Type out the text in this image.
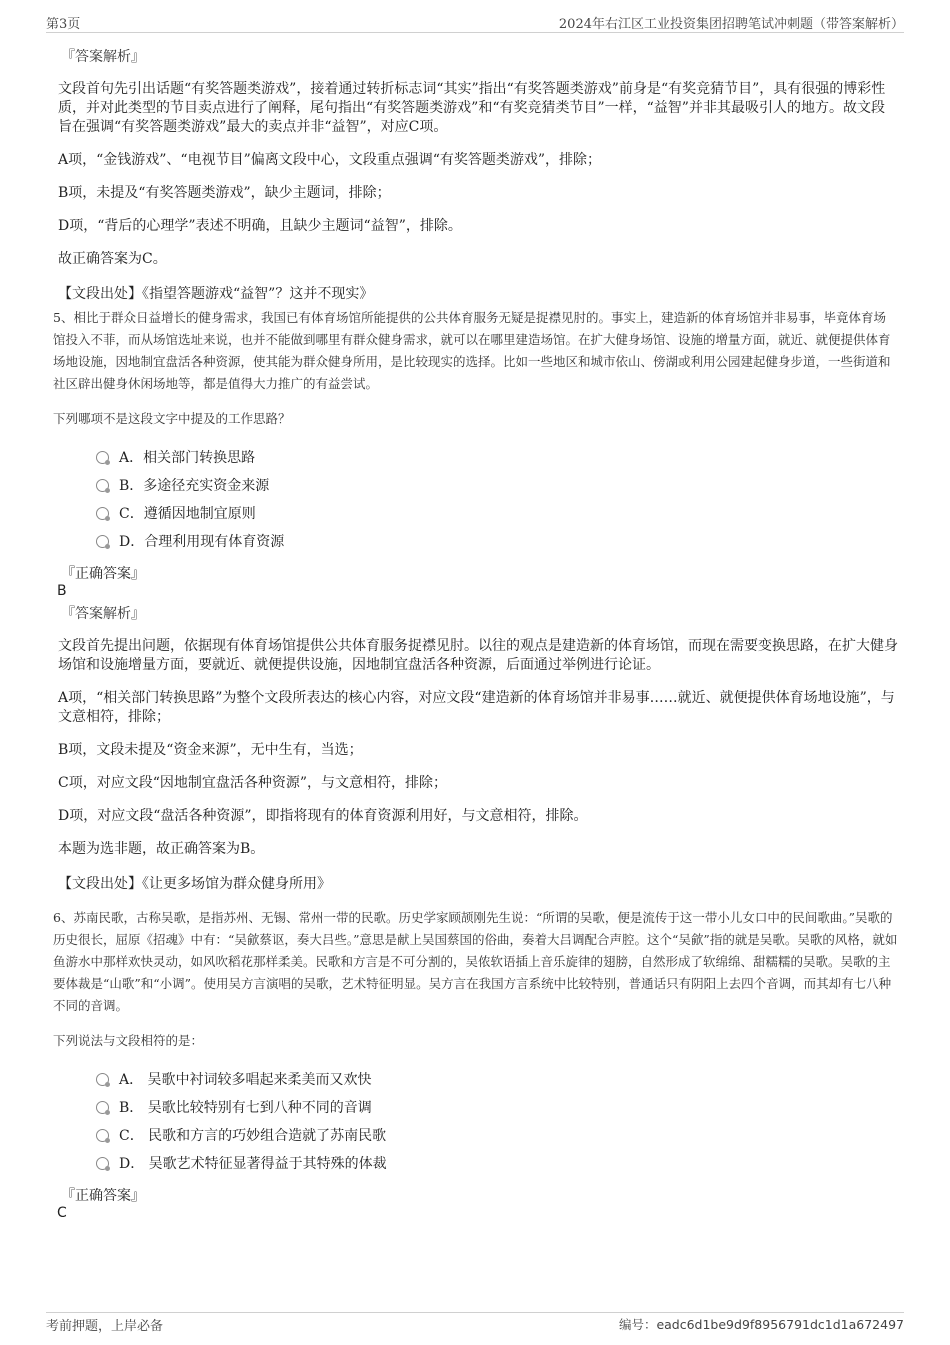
第3页	2024年右江区工业投资集团招聘笔试冲刺题（带答案解析）
『答案解析』

文段首句先引出话题“有奖答题类游戏”，接着通过转折标志词“其实”指出“有奖答题类游戏”前身是“有奖竞猜节目”，具有很强的博彩性质，并对此类型的节目卖点进行了阐释，尾句指出“有奖答题类游戏”和“有奖竞猜类节目”一样，“益智”并非其最吸引人的地方。故文段旨在强调“有奖答题类游戏”最大的卖点并非“益智”，对应C项。

A项，“金钱游戏”、“电视节目”偏离文段中心，文段重点强调“有奖答题类游戏”，排除；

B项，未提及“有奖答题类游戏”，缺少主题词，排除；

D项，“背后的心理学”表述不明确，且缺少主题词“益智”，排除。

故正确答案为C。

【文段出处】《指望答题游戏“益智”？这并不现实》
5、相比于群众日益增长的健身需求，我国已有体育场馆所能提供的公共体育服务无疑是捉襟见肘的。事实上，建造新的体育场馆并非易事，毕竟体育场馆投入不菲，而从场馆选址来说，也并不能做到哪里有群众健身需求，就可以在哪里建造场馆。在扩大健身场馆、设施的增量方面，就近、就便提供体育场地设施，因地制宜盘活各种资源，使其能为群众健身所用，是比较现实的选择。比如一些地区和城市依山、傍湖或利用公园建起健身步道，一些街道和社区辟出健身休闲场地等，都是值得大力推广的有益尝试。
下列哪项不是这段文字中提及的工作思路？
A．相关部门转换思路
B．多途径充实资金来源
C．遵循因地制宜原则
D．合理利用现有体育资源
『正确答案』
B
『答案解析』

文段首先提出问题，依据现有体育场馆提供公共体育服务捉襟见肘。以往的观点是建造新的体育场馆，而现在需要变换思路，在扩大健身场馆和设施增量方面，要就近、就便提供设施，因地制宜盘活各种资源，后面通过举例进行论证。

A项，“相关部门转换思路”为整个文段所表达的核心内容，对应文段“建造新的体育场馆并非易事……就近、就便提供体育场地设施”，与文意相符，排除；

B项，文段未提及“资金来源”，无中生有，当选；

C项，对应文段“因地制宜盘活各种资源”，与文意相符，排除；

D项，对应文段“盘活各种资源”，即指将现有的体育资源利用好，与文意相符，排除。

本题为选非题，故正确答案为B。

【文段出处】《让更多场馆为群众健身所用》
6、苏南民歌，古称吴歌，是指苏州、无锡、常州一带的民歌。历史学家顾颉刚先生说：“所谓的吴歌，便是流传于这一带小儿女口中的民间歌曲。”吴歌的历史很长，屈原《招魂》中有：“吴歈蔡讴，奏大吕些。”意思是献上吴国蔡国的俗曲，奏着大吕调配合声腔。这个“吴歈”指的就是吴歌。吴歌的风格，就如鱼游水中那样欢快灵动，如风吹稻花那样柔美。民歌和方言是不可分割的，吴侬软语插上音乐旋律的翅膀，自然形成了软绵绵、甜糯糯的吴歌。吴歌的主要体裁是“山歌”和“小调”。使用吴方言演唱的吴歌，艺术特征明显。吴方言在我国方言系统中比较特别，普通话只有阴阳上去四个音调，而其却有七八种不同的音调。
下列说法与文段相符的是：
A． 吴歌中衬词较多唱起来柔美而又欢快
B． 吴歌比较特别有七到八种不同的音调
C． 民歌和方言的巧妙组合造就了苏南民歌
D． 吴歌艺术特征显著得益于其特殊的体裁
『正确答案』
C
考前押题，上岸必备	编号：eadc6d1be9d9f8956791dc1d1a672497
